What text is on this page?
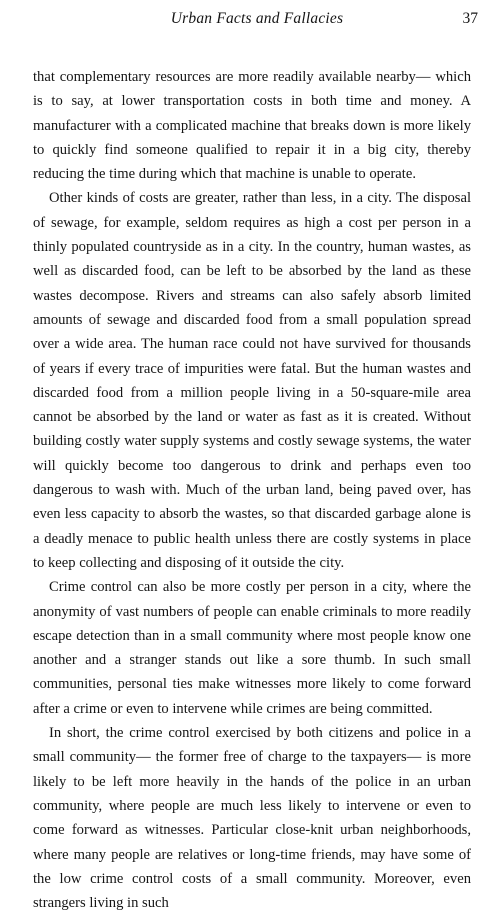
Urban Facts and Fallacies	37

that complementary resources are more readily available nearby— which is to say, at lower transportation costs in both time and money. A manufacturer with a complicated machine that breaks down is more likely to quickly find someone qualified to repair it in a big city, thereby reducing the time during which that machine is unable to operate.

Other kinds of costs are greater, rather than less, in a city. The disposal of sewage, for example, seldom requires as high a cost per person in a thinly populated countryside as in a city. In the country, human wastes, as well as discarded food, can be left to be absorbed by the land as these wastes decompose. Rivers and streams can also safely absorb limited amounts of sewage and discarded food from a small population spread over a wide area. The human race could not have survived for thousands of years if every trace of impurities were fatal. But the human wastes and discarded food from a million people living in a 50-square-mile area cannot be absorbed by the land or water as fast as it is created. Without building costly water supply systems and costly sewage systems, the water will quickly become too dangerous to drink and perhaps even too dangerous to wash with. Much of the urban land, being paved over, has even less capacity to absorb the wastes, so that discarded garbage alone is a deadly menace to public health unless there are costly systems in place to keep collecting and disposing of it outside the city.

Crime control can also be more costly per person in a city, where the anonymity of vast numbers of people can enable criminals to more readily escape detection than in a small community where most people know one another and a stranger stands out like a sore thumb. In such small communities, personal ties make witnesses more likely to come forward after a crime or even to intervene while crimes are being committed.

In short, the crime control exercised by both citizens and police in a small community— the former free of charge to the taxpayers— is more likely to be left more heavily in the hands of the police in an urban community, where people are much less likely to intervene or even to come forward as witnesses. Particular close-knit urban neighborhoods, where many people are relatives or long-time friends, may have some of the low crime control costs of a small community. Moreover, even strangers living in such
